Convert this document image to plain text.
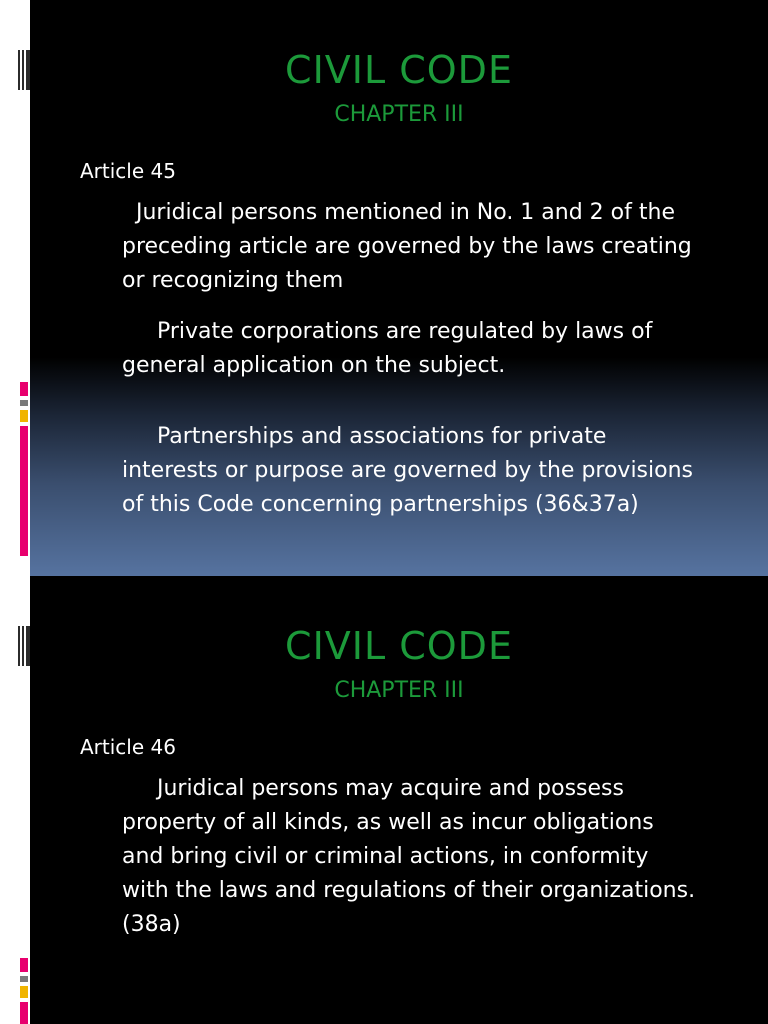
CIVIL CODE
CHAPTER III
Article 45
Juridical persons mentioned in No. 1 and 2 of the preceding article are governed by the laws creating or recognizing them
Private corporations are regulated by laws of general application on the subject.
Partnerships and associations for private interests or purpose are governed by the provisions of this Code concerning partnerships (36&37a)
CIVIL CODE
CHAPTER III
Article 46
Juridical persons may acquire and possess property of all kinds, as well as incur obligations and bring civil or criminal actions, in conformity with the laws and regulations of their organizations. (38a)
